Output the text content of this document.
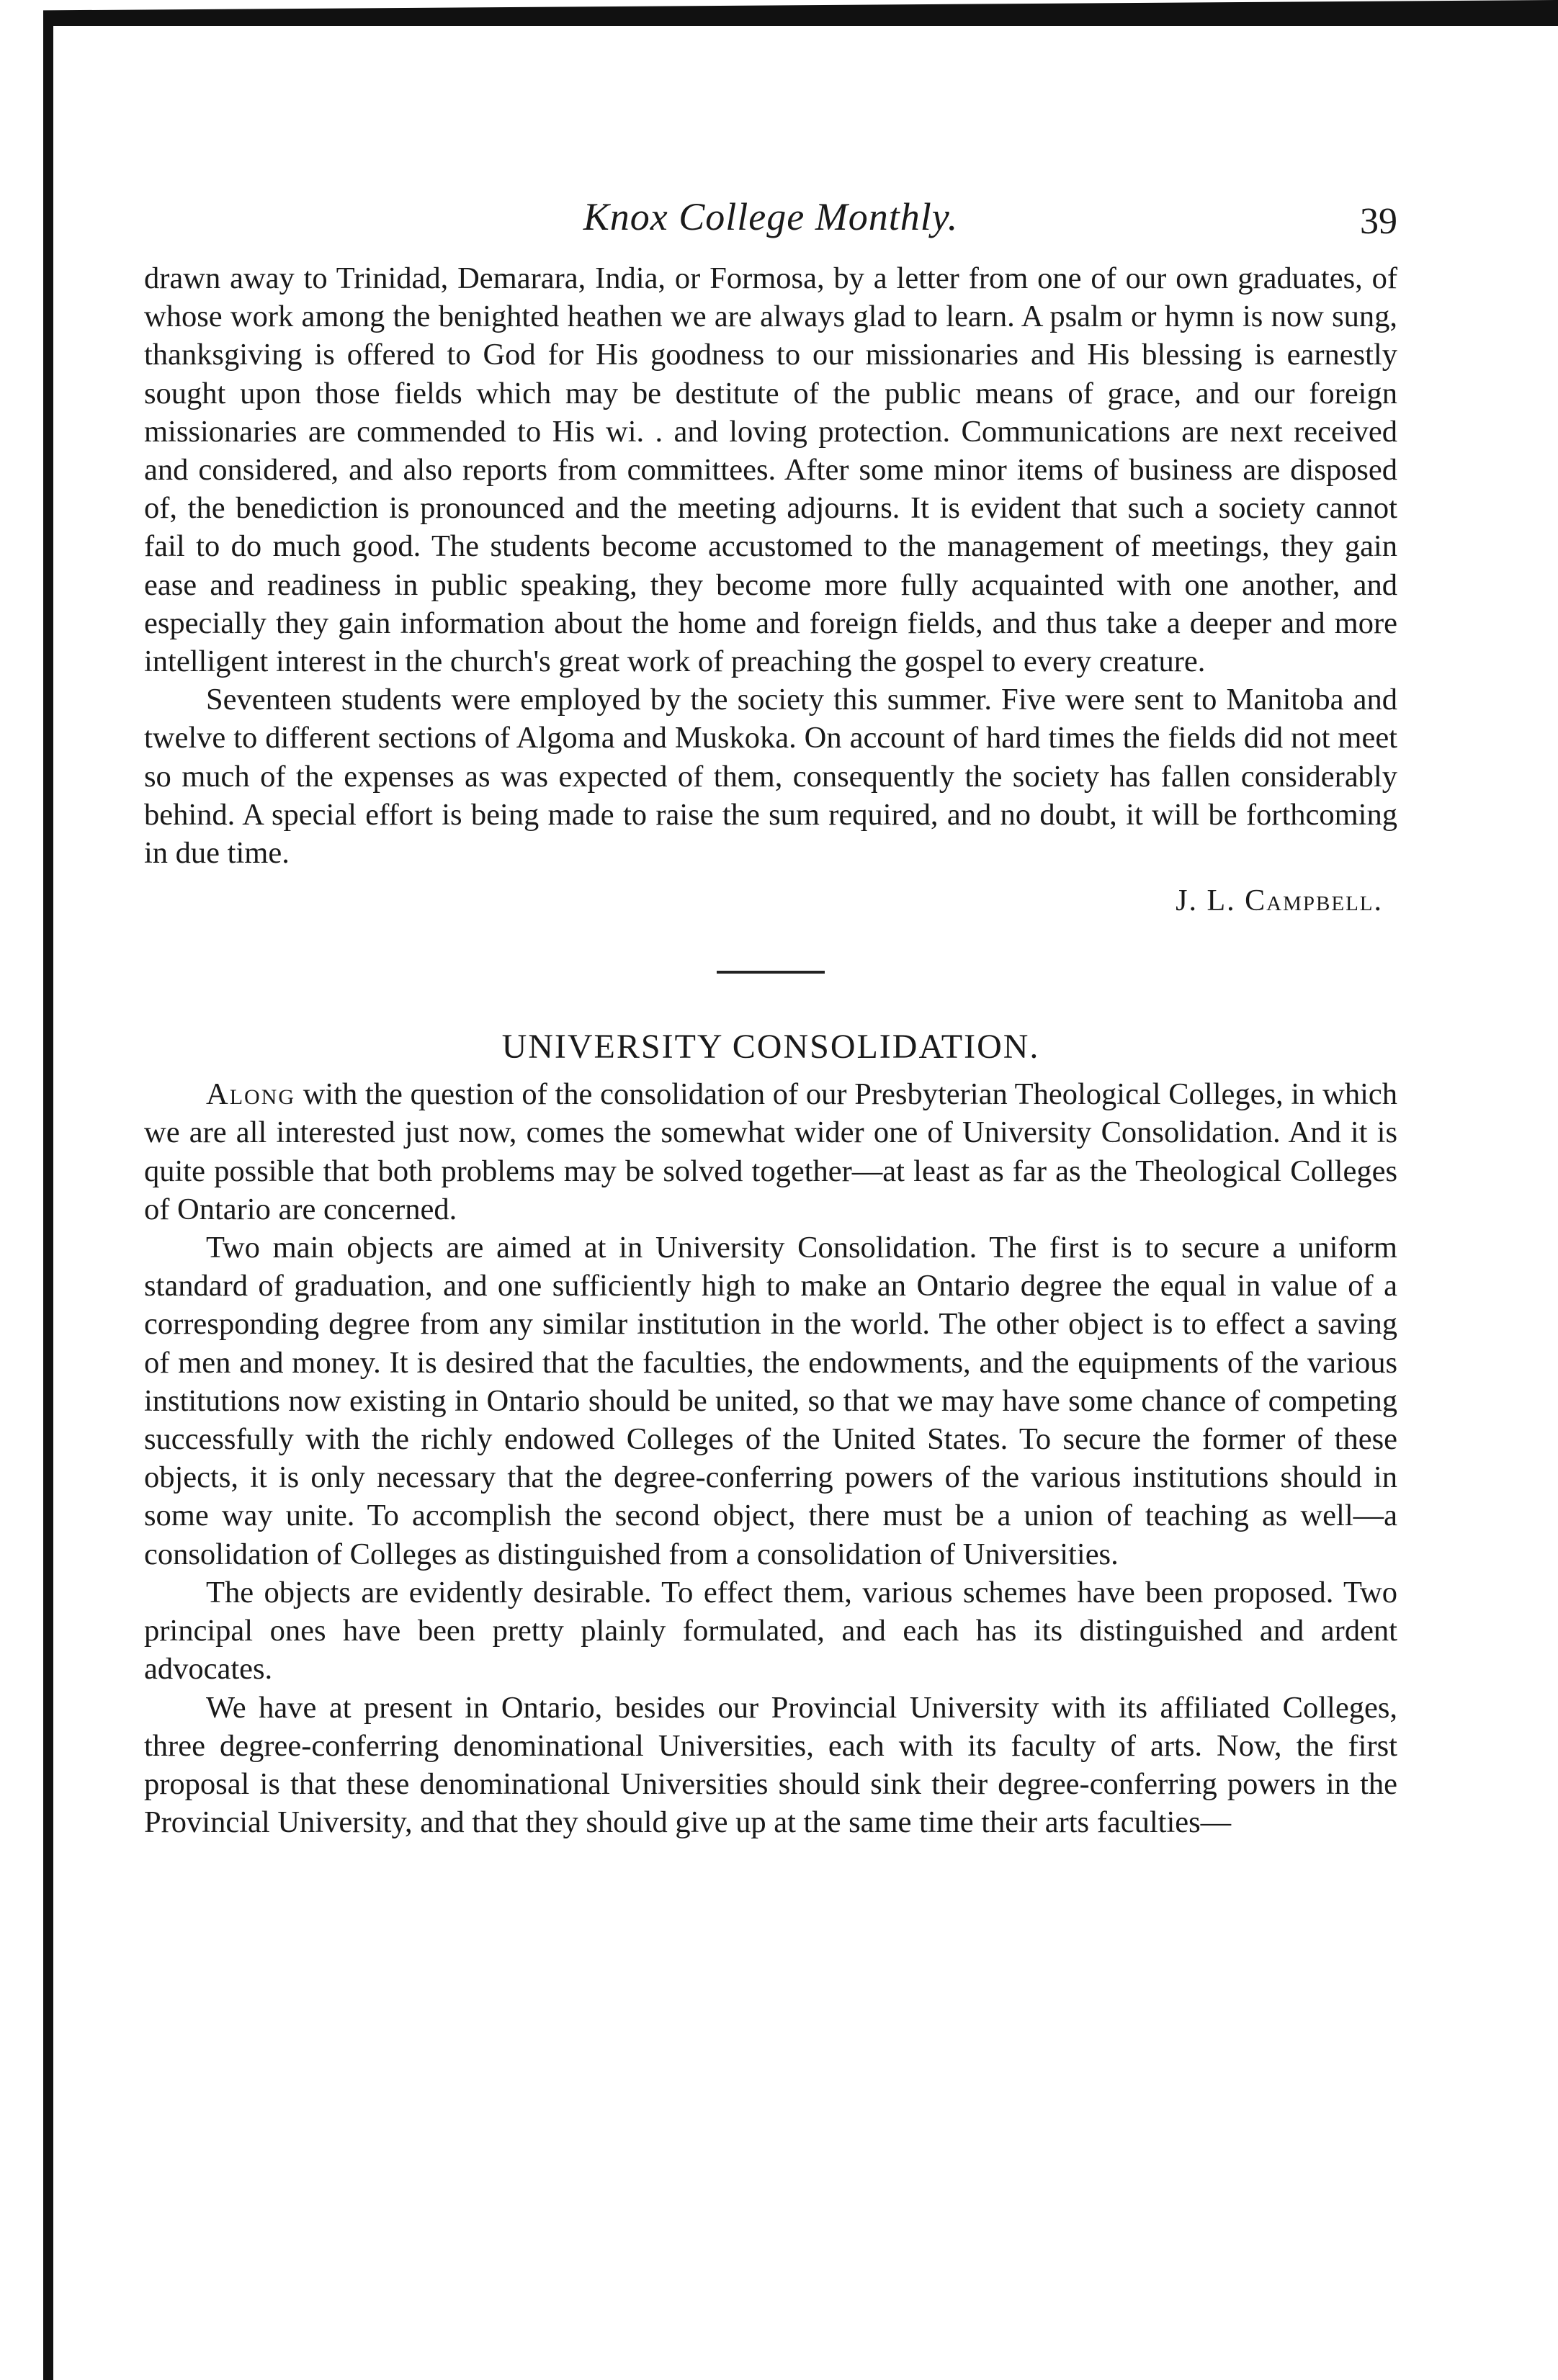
Knox College Monthly.	39

drawn away to Trinidad, Demarara, India, or Formosa, by a letter from one of our own graduates, of whose work among the benighted heathen we are always glad to learn. A psalm or hymn is now sung, thanksgiving is offered to God for His goodness to our missionaries and His blessing is earnestly sought upon those fields which may be destitute of the public means of grace, and our foreign missionaries are commended to His wi. . and loving protection. Communications are next received and considered, and also reports from committees. After some minor items of business are disposed of, the benediction is pronounced and the meeting adjourns. It is evident that such a society cannot fail to do much good. The students become accustomed to the management of meetings, they gain ease and readiness in public speaking, they become more fully acquainted with one another, and especially they gain information about the home and foreign fields, and thus take a deeper and more intelligent interest in the church's great work of preaching the gospel to every creature.

Seventeen students were employed by the society this summer. Five were sent to Manitoba and twelve to different sections of Algoma and Muskoka. On account of hard times the fields did not meet so much of the expenses as was expected of them, consequently the society has fallen considerably behind. A special effort is being made to raise the sum required, and no doubt, it will be forthcoming in due time.

J. L. Campbell.
UNIVERSITY CONSOLIDATION.

Along with the question of the consolidation of our Presbyterian Theological Colleges, in which we are all interested just now, comes the somewhat wider one of University Consolidation. And it is quite possible that both problems may be solved together—at least as far as the Theological Colleges of Ontario are concerned.

Two main objects are aimed at in University Consolidation. The first is to secure a uniform standard of graduation, and one sufficiently high to make an Ontario degree the equal in value of a corresponding degree from any similar institution in the world. The other object is to effect a saving of men and money. It is desired that the faculties, the endowments, and the equipments of the various institutions now existing in Ontario should be united, so that we may have some chance of competing successfully with the richly endowed Colleges of the United States. To secure the former of these objects, it is only necessary that the degree-conferring powers of the various institutions should in some way unite. To accomplish the second object, there must be a union of teaching as well—a consolidation of Colleges as distinguished from a consolidation of Universities.

The objects are evidently desirable. To effect them, various schemes have been proposed. Two principal ones have been pretty plainly formulated, and each has its distinguished and ardent advocates.

We have at present in Ontario, besides our Provincial University with its affiliated Colleges, three degree-conferring denominational Universities, each with its faculty of arts. Now, the first proposal is that these denominational Universities should sink their degree-conferring powers in the Provincial University, and that they should give up at the same time their arts faculties—
